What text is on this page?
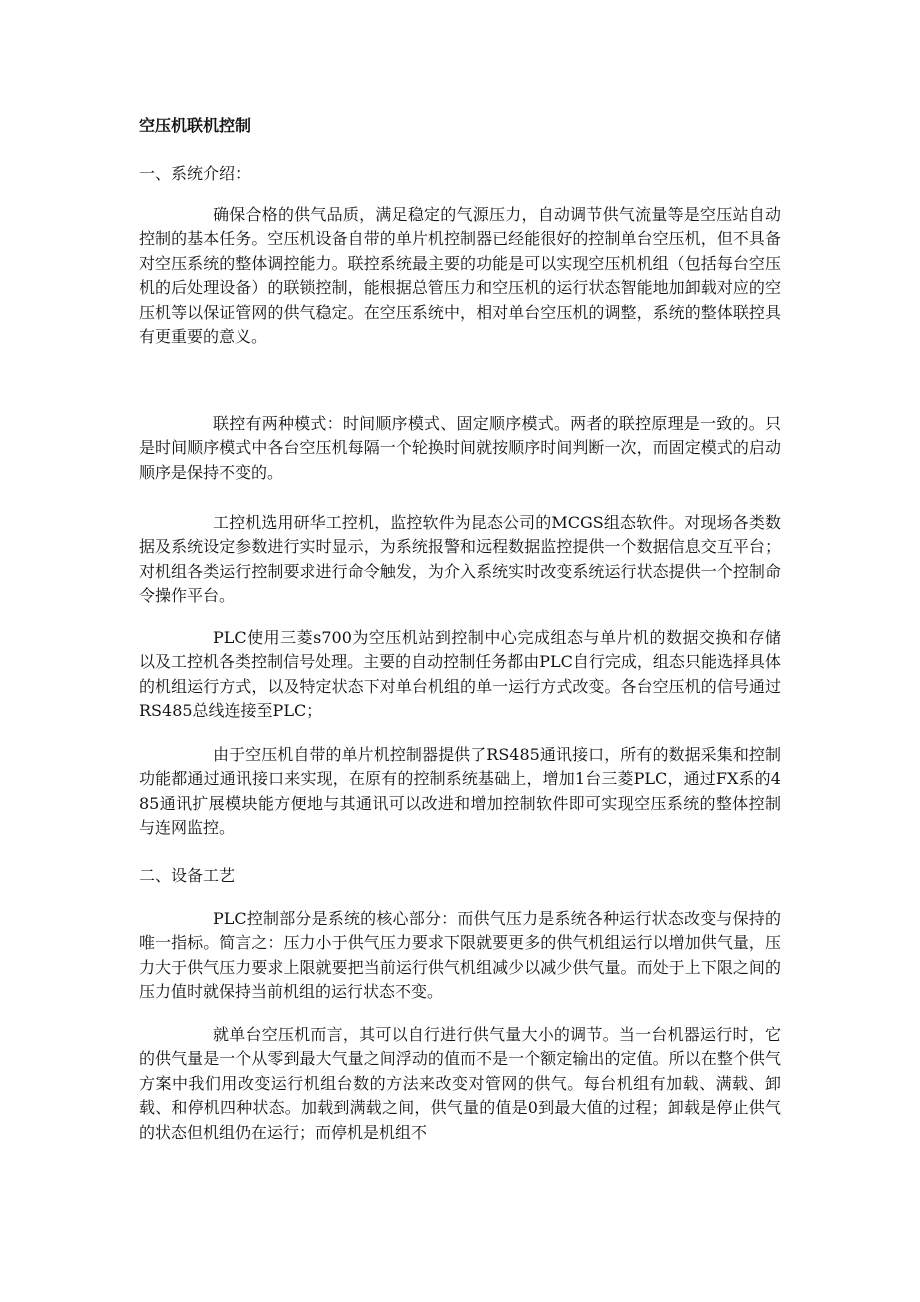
空压机联机控制
一、系统介绍：

确保合格的供气品质，满足稳定的气源压力，自动调节供气流量等是空压站自动控制的基本任务。空压机设备自带的单片机控制器已经能很好的控制单台空压机，但不具备对空压系统的整体调控能力。联控系统最主要的功能是可以实现空压机机组（包括每台空压机的后处理设备）的联锁控制，能根据总管压力和空压机的运行状态智能地加卸载对应的空压机等以保证管网的供气稳定。在空压系统中，相对单台空压机的调整，系统的整体联控具有更重要的意义。

联控有两种模式：时间顺序模式、固定顺序模式。两者的联控原理是一致的。只是时间顺序模式中各台空压机每隔一个轮换时间就按顺序时间判断一次，而固定模式的启动顺序是保持不变的。

工控机选用研华工控机，监控软件为昆态公司的MCGS组态软件。对现场各类数据及系统设定参数进行实时显示，为系统报警和远程数据监控提供一个数据信息交互平台；对机组各类运行控制要求进行命令触发，为介入系统实时改变系统运行状态提供一个控制命令操作平台。

PLC使用三菱s700为空压机站到控制中心完成组态与单片机的数据交换和存储以及工控机各类控制信号处理。主要的自动控制任务都由PLC自行完成，组态只能选择具体的机组运行方式，以及特定状态下对单台机组的单一运行方式改变。各台空压机的信号通过RS485总线连接至PLC；

由于空压机自带的单片机控制器提供了RS485通讯接口，所有的数据采集和控制功能都通过通讯接口来实现，在原有的控制系统基础上，增加1台三菱PLC，通过FX系的485通讯扩展模块能方便地与其通讯可以改进和增加控制软件即可实现空压系统的整体控制与连网监控。

二、设备工艺

PLC控制部分是系统的核心部分：而供气压力是系统各种运行状态改变与保持的唯一指标。简言之：压力小于供气压力要求下限就要更多的供气机组运行以增加供气量，压力大于供气压力要求上限就要把当前运行供气机组减少以减少供气量。而处于上下限之间的压力值时就保持当前机组的运行状态不变。

就单台空压机而言，其可以自行进行供气量大小的调节。当一台机器运行时，它的供气量是一个从零到最大气量之间浮动的值而不是一个额定输出的定值。所以在整个供气方案中我们用改变运行机组台数的方法来改变对管网的供气。每台机组有加载、满载、卸载、和停机四种状态。加载到满载之间，供气量的值是0到最大值的过程；卸载是停止供气的状态但机组仍在运行；而停机是机组不
